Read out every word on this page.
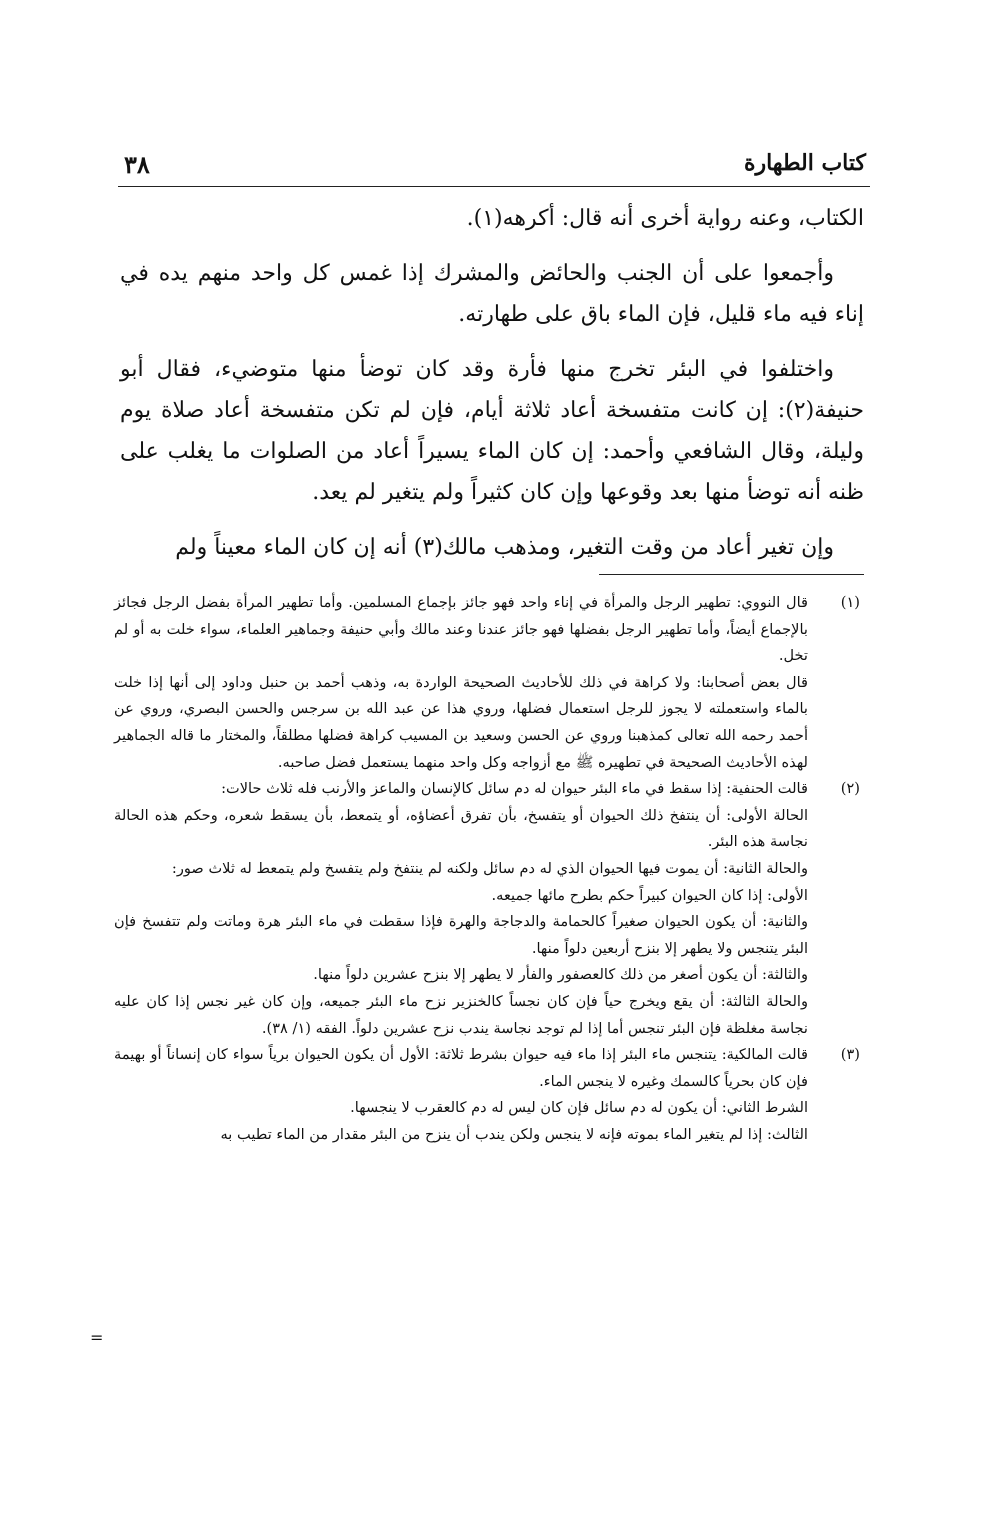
٣٨	كتاب الطهارة

الكتاب، وعنه رواية أخرى أنه قال: أكرهه(١).

وأجمعوا على أن الجنب والحائض والمشرك إذا غمس كل واحد منهم يده في إناء فيه ماء قليل، فإن الماء باق على طهارته.

واختلفوا في البئر تخرج منها فأرة وقد كان توضأ منها متوضيء، فقال أبو حنيفة(٢): إن كانت متفسخة أعاد ثلاثة أيام، فإن لم تكن متفسخة أعاد صلاة يوم وليلة، وقال الشافعي وأحمد: إن كان الماء يسيراً أعاد من الصلوات ما يغلب على ظنه أنه توضأ منها بعد وقوعها وإن كان كثيراً ولم يتغير لم يعد.

وإن تغير أعاد من وقت التغير، ومذهب مالك(٣) أنه إن كان الماء معيناً ولم

(١)

قال النووي: تطهير الرجل والمرأة في إناء واحد فهو جائز بإجماع المسلمين. وأما تطهير المرأة بفضل الرجل فجائز بالإجماع أيضاً، وأما تطهير الرجل بفضلها فهو جائز عندنا وعند مالك وأبي حنيفة وجماهير العلماء، سواء خلت به أو لم تخل.

قال بعض أصحابنا: ولا كراهة في ذلك للأحاديث الصحيحة الواردة به، وذهب أحمد بن حنبل وداود إلى أنها إذا خلت بالماء واستعملته لا يجوز للرجل استعمال فضلها، وروي هذا عن عبد الله بن سرجس والحسن البصري، وروي عن أحمد رحمه الله تعالى كمذهبنا وروي عن الحسن وسعيد بن المسيب كراهة فضلها مطلقاً، والمختار ما قاله الجماهير لهذه الأحاديث الصحيحة في تطهيره ﷺ مع أزواجه وكل واحد منهما يستعمل فضل صاحبه.

(٢)

قالت الحنفية: إذا سقط في ماء البئر حيوان له دم سائل كالإنسان والماعز والأرنب فله ثلاث حالات:

الحالة الأولى: أن ينتفخ ذلك الحيوان أو يتفسخ، بأن تفرق أعضاؤه، أو يتمعط، بأن يسقط شعره، وحكم هذه الحالة نجاسة هذه البئر.

والحالة الثانية: أن يموت فيها الحيوان الذي له دم سائل ولكنه لم ينتفخ ولم يتفسخ ولم يتمعط له ثلاث صور:

الأولى: إذا كان الحيوان كبيراً حكم بطرح مائها جميعه.

والثانية: أن يكون الحيوان صغيراً كالحمامة والدجاجة والهرة فإذا سقطت في ماء البئر هرة وماتت ولم تتفسخ فإن البئر يتنجس ولا يطهر إلا بنزح أربعين دلواً منها.

والثالثة: أن يكون أصغر من ذلك كالعصفور والفأر لا يطهر إلا بنزح عشرين دلواً منها.

والحالة الثالثة: أن يقع ويخرج حياً فإن كان نجساً كالخنزير نزح ماء البئر جميعه، وإن كان غير نجس إذا كان عليه نجاسة مغلظة فإن البئر تنجس أما إذا لم توجد نجاسة يندب نزح عشرين دلواً. الفقه (١/ ٣٨).

(٣)

قالت المالكية: يتنجس ماء البئر إذا ماء فيه حيوان بشرط ثلاثة: الأول أن يكون الحيوان برياً سواء كان إنساناً أو بهيمة فإن كان بحرياً كالسمك وغيره لا ينجس الماء.

الشرط الثاني: أن يكون له دم سائل فإن كان ليس له دم كالعقرب لا ينجسها.

الثالث: إذا لم يتغير الماء بموته فإنه لا ينجس ولكن يندب أن ينزح من البئر مقدار من الماء تطيب به

=
